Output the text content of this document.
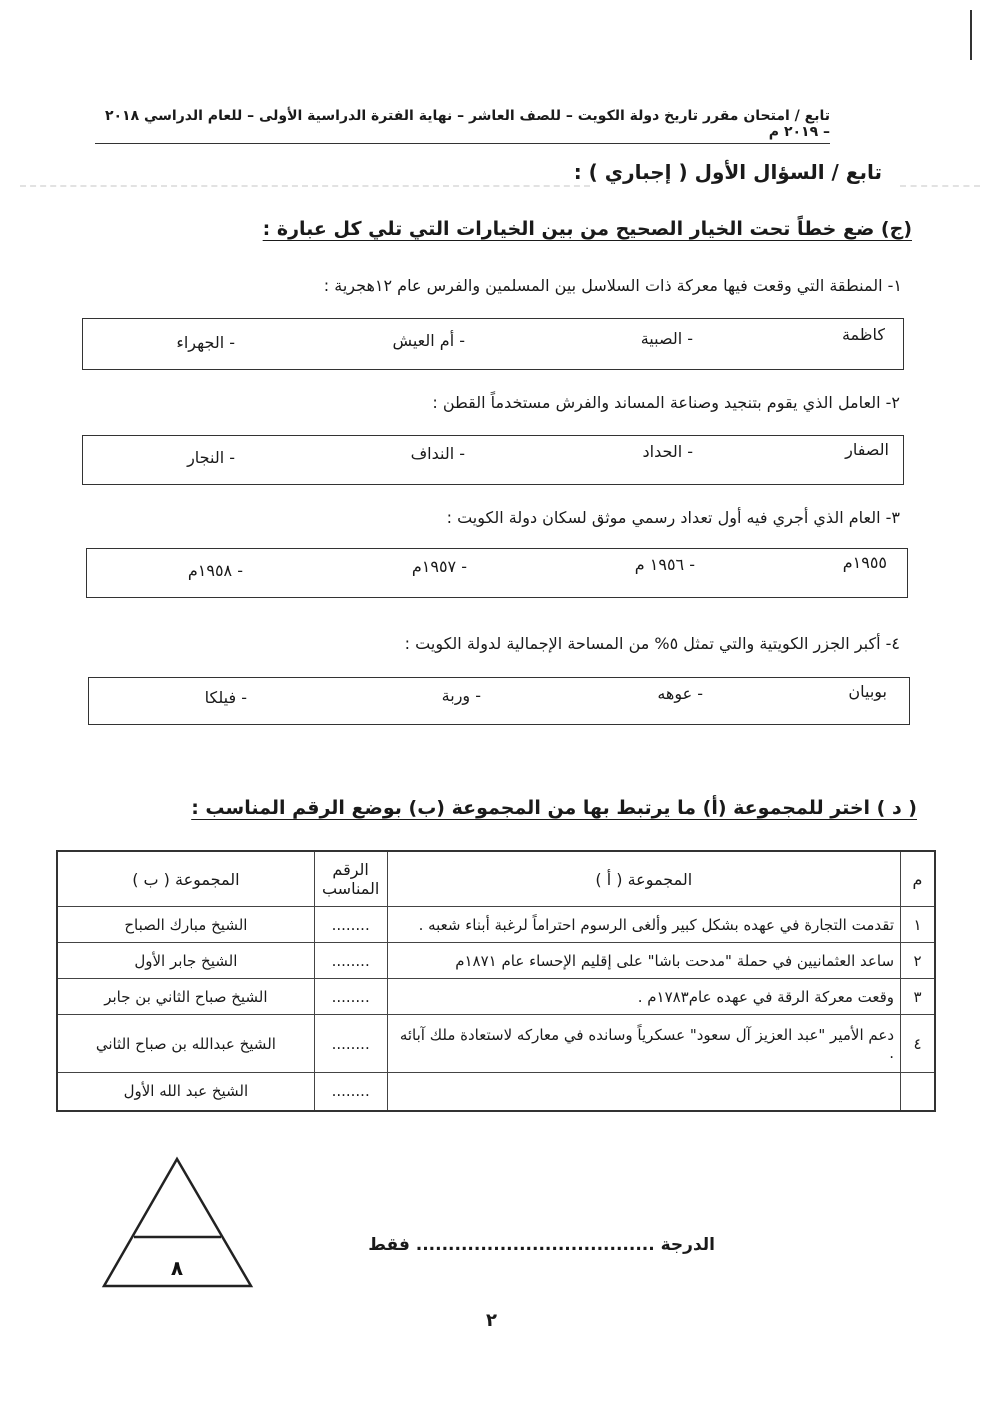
تابع / امتحان مقرر تاريخ دولة الكويت – للصف العاشر – نهاية الفترة الدراسية الأولى – للعام الدراسي ٢٠١٨ – ٢٠١٩ م
تابع / السؤال الأول ( إجباري ) :
(ج) ضع خطاً تحت الخيار الصحيح من بين الخيارات التي تلي كل عبارة :
١- المنطقة التي وقعت فيها معركة ذات السلاسل بين المسلمين والفرس عام ١٢هجرية :
كاظمة
- الصبية
- أم العيش
- الجهراء
٢- العامل الذي يقوم بتنجيد وصناعة المساند والفرش مستخدماً القطن :
الصفار
- الحداد
- النداف
- النجار
٣- العام الذي أجري فيه أول تعداد رسمي موثق لسكان دولة الكويت :
١٩٥٥م
- ١٩٥٦ م
- ١٩٥٧م
- ١٩٥٨م
٤- أكبر الجزر الكويتية والتي تمثل ٥% من المساحة الإجمالية لدولة الكويت :
بوبيان
- عوهه
- وربة
- فيلكا
( د ) اختر للمجموعة (أ) ما يرتبط بها من المجموعة (ب) بوضع الرقم المناسب :
م	المجموعة ( أ )	الرقم المناسب	المجموعة ( ب )
١	تقدمت التجارة في عهده بشكل كبير وألغى الرسوم احتراماً لرغبة أبناء شعبه .	........	الشيخ مبارك الصباح
٢	ساعد العثمانيين في حملة "مدحت باشا" على إقليم الإحساء عام ١٨٧١م	........	الشيخ جابر الأول
٣	وقعت معركة الرقة في عهده عام١٧٨٣م .	........	الشيخ صباح الثاني بن جابر
٤	دعم الأمير "عبد العزيز آل سعود" عسكرياً وسانده في معاركه لاستعادة ملك آبائه .	........	الشيخ عبدالله بن صباح الثاني
		........	الشيخ عبد الله الأول
٨
الدرجة ..................................... فقط
٢
